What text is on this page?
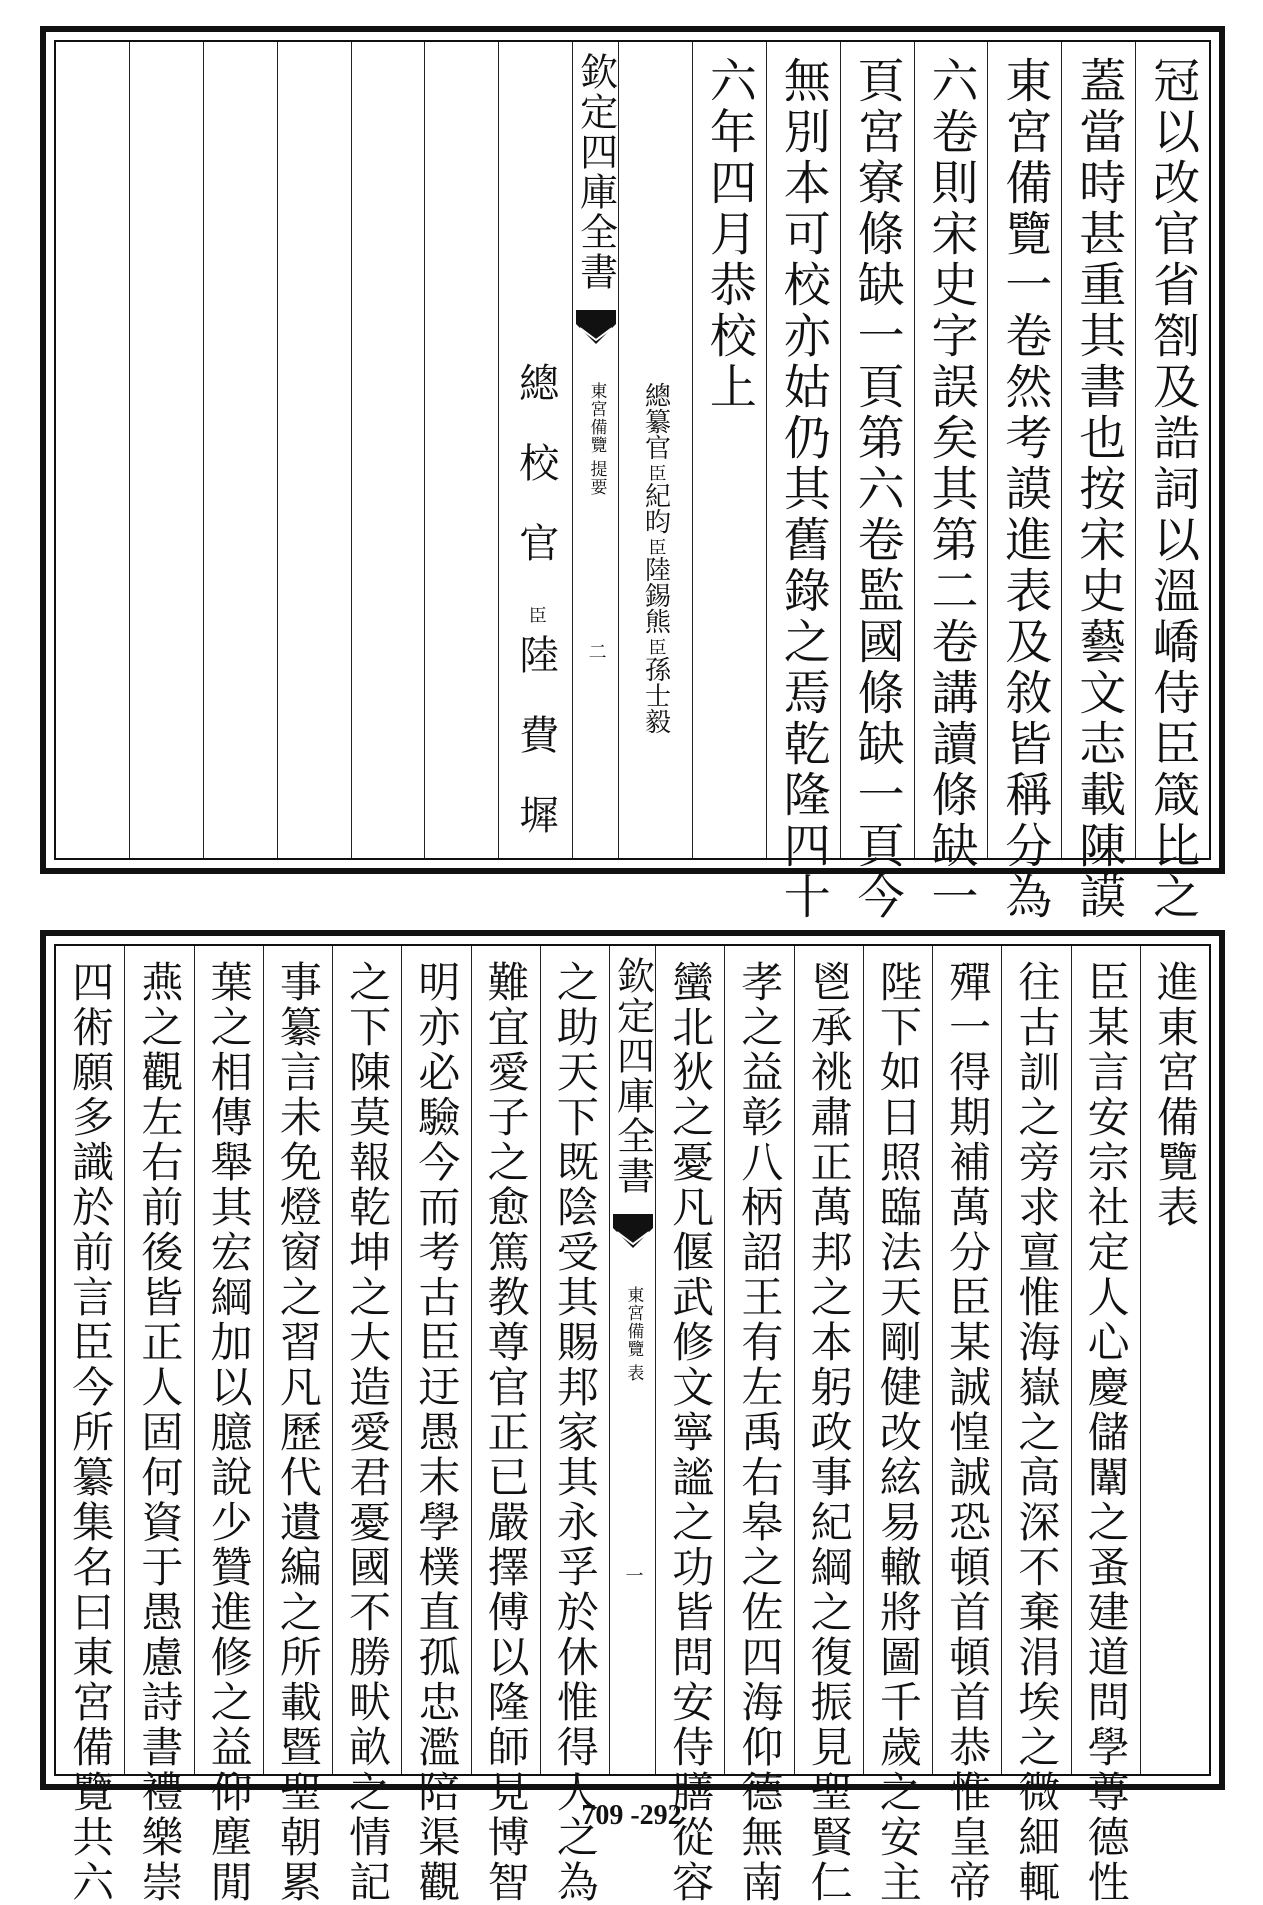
冠以改官省劄及誥詞以溫嶠侍臣箴比之
蓋當時甚重其書也按宋史藝文志載陳謨
東宮備覽一卷然考謨進表及敘皆稱分為
六卷則宋史字誤矣其第二卷講讀條缺一
頁宮寮條缺一頁第六卷監國條缺一頁今
無別本可校亦姑仍其舊錄之焉乾隆四十
六年四月恭校上
總纂官
臣
紀昀
臣
陸錫熊
臣
孫士毅
欽定四庫全書
東宮備覽
提要
二
總校官
臣
陸費墀
進東宮備覽表
臣某言安宗社定人心慶儲闈之蚤建道問學尊德性
往古訓之旁求亶惟海嶽之高深不棄涓埃之微細輒
殫一得期補萬分臣某誠惶誠恐頓首頓首恭惟皇帝
陛下如日照臨法天剛健改絃易轍將圖千歲之安主
鬯承祧肅正萬邦之本躬政事紀綱之復振見聖賢仁
孝之益彰八柄詔王有左禹右皋之佐四海仰德無南
蠻北狄之憂凡偃武修文寧謐之功皆問安侍膳從容
欽定四庫全書
東宮備覽
表
一
之助天下既陰受其賜邦家其永孚於休惟得人之為
難宜愛子之愈篤教尊官正已嚴擇傅以隆師見博智
明亦必驗今而考古臣迂愚末學樸直孤忠濫陪渠觀
之下陳莫報乾坤之大造愛君憂國不勝畎畝之情記
事纂言未免燈窗之習凡歷代遺編之所載暨聖朝累
葉之相傳舉其宏綱加以臆說少贊進修之益仰塵閒
燕之觀左右前後皆正人固何資于愚慮詩書禮樂崇
四術願多識於前言臣今所纂集名曰東宮備覽共六	709 -292
